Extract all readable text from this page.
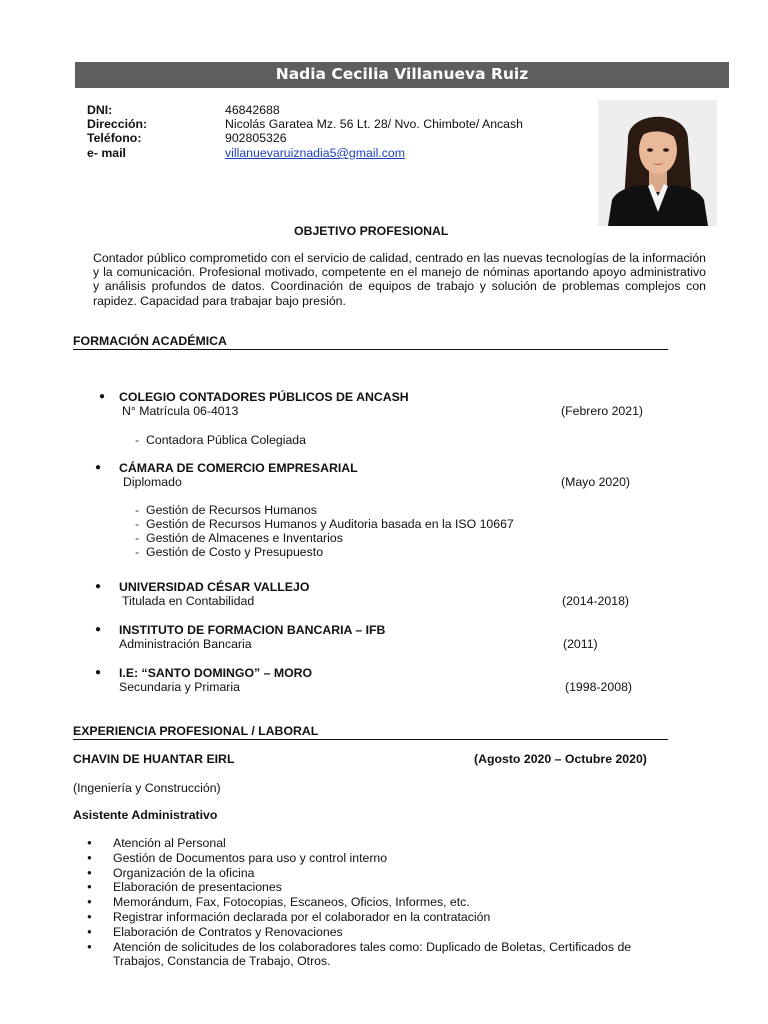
Nadia Cecilia Villanueva Ruiz
DNI:	46842688
Dirección:	Nicolás Garatea Mz. 56 Lt. 28/ Nvo. Chimbote/ Ancash
Teléfono:	902805326
e- mail	villanuevaruiznadia5@gmail.com
OBJETIVO PROFESIONAL
Contador público comprometido con el servicio de calidad, centrado en las nuevas tecnologías de la información y la comunicación. Profesional motivado, competente en el manejo de nóminas aportando apoyo administrativo y análisis profundos de datos. Coordinación de equipos de trabajo y solución de problemas complejos con rapidez. Capacidad para trabajar bajo presión.
FORMACIÓN ACADÉMICA
● COLEGIO CONTADORES PÚBLICOS DE ANCASH
N° Matrícula 06-4013	(Febrero 2021)
- Contadora Pública Colegiada
● CÁMARA DE COMERCIO EMPRESARIAL
Diplomado	(Mayo 2020)
- Gestión de Recursos Humanos
- Gestión de Recursos Humanos y Auditoria basada en la ISO 10667
- Gestión de Almacenes e Inventarios
- Gestión de Costo y Presupuesto
● UNIVERSIDAD CÉSAR VALLEJO
Titulada en Contabilidad	(2014-2018)
● INSTITUTO DE FORMACION BANCARIA – IFB
Administración Bancaria	(2011)
● I.E: “SANTO DOMINGO” – MORO
Secundaria y Primaria	(1998-2008)
EXPERIENCIA PROFESIONAL / LABORAL
CHAVIN DE HUANTAR EIRL	(Agosto 2020 – Octubre 2020)
(Ingeniería y Construcción)
Asistente Administrativo
● Atención al Personal
● Gestión de Documentos para uso y control interno
● Organización de la oficina
● Elaboración de presentaciones
● Memorándum, Fax, Fotocopias, Escaneos, Oficios, Informes, etc.
● Registrar información declarada por el colaborador en la contratación
● Elaboración de Contratos y Renovaciones
● Atención de solicitudes de los colaboradores tales como: Duplicado de Boletas, Certificados de Trabajos, Constancia de Trabajo, Otros.
